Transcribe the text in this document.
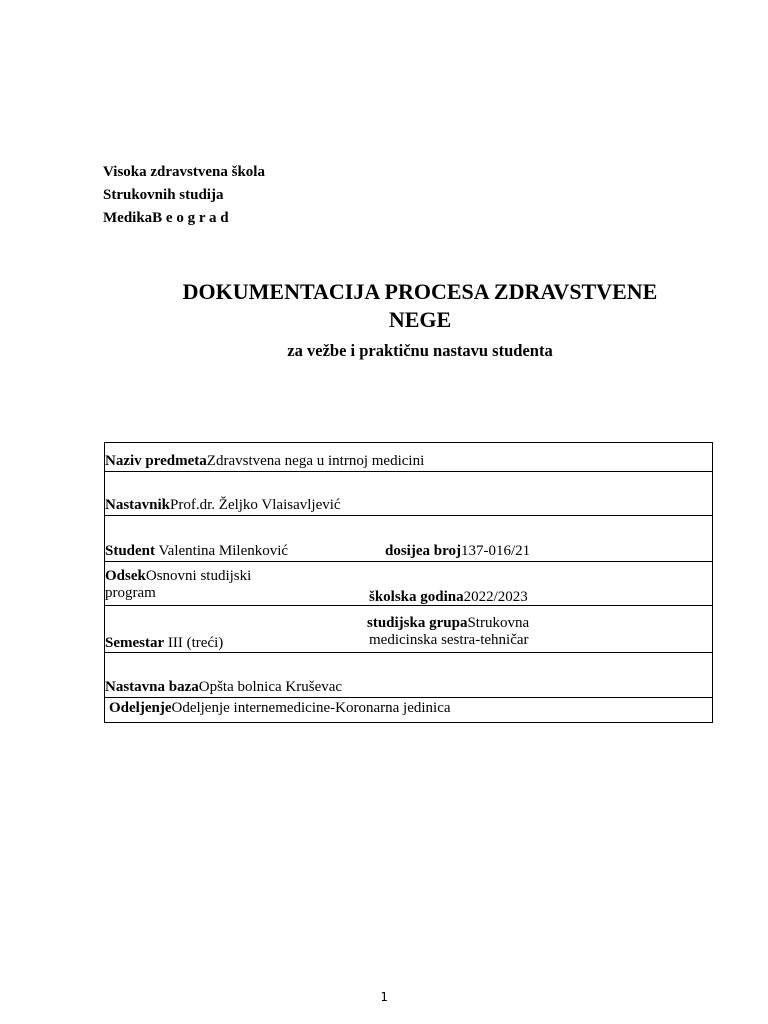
Visoka zdravstvena škola
Strukovnih studija
MedikaB e o g r a d
DOKUMENTACIJA PROCESA ZDRAVSTVENE
NEGE
za vežbe i praktičnu nastavu studenta
Naziv predmetaZdravstvena nega u intrnoj medicini
NastavnikProf.dr. Željko Vlaisavljević
Student Valentina Milenković	dosijea broj137-016/21
OdsekOsnovni studijski
program	školska godina2022/2023
Semestar III (treći)
studijska grupaStrukovna
medicinska sestra-tehničar
Nastavna bazaOpšta bolnica Kruševac
OdeljenjeOdeljenje internemedicine-Koronarna jedinica
1
